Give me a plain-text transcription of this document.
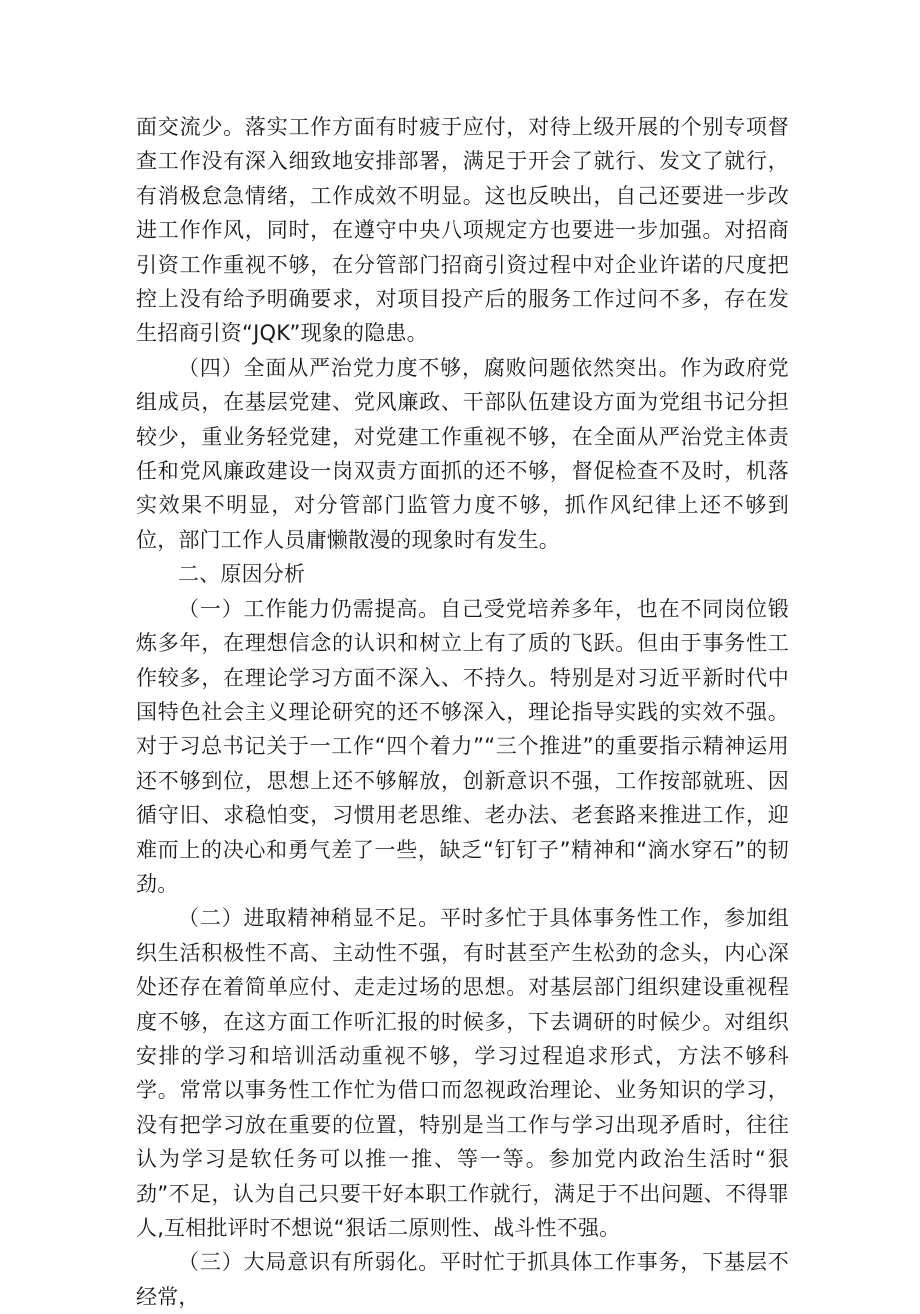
面交流少。落实工作方面有时疲于应付，对待上级开展的个别专项督查工作没有深入细致地安排部署，满足于开会了就行、发文了就行，有消极怠急情绪，工作成效不明显。这也反映出，自己还要进一步改进工作作风，同时，在遵守中央八项规定方也要进一步加强。对招商引资工作重视不够，在分管部门招商引资过程中对企业许诺的尺度把控上没有给予明确要求，对项目投产后的服务工作过问不多，存在发生招商引资“JQK”现象的隐患。

（四）全面从严治党力度不够，腐败问题依然突出。作为政府党组成员，在基层党建、党风廉政、干部队伍建设方面为党组书记分担较少，重业务轻党建，对党建工作重视不够，在全面从严治党主体责任和党风廉政建设一岗双责方面抓的还不够，督促检查不及时，机落实效果不明显，对分管部门监管力度不够，抓作风纪律上还不够到位，部门工作人员庸懒散漫的现象时有发生。

二、原因分析

（一）工作能力仍需提高。自己受党培养多年，也在不同岗位锻炼多年，在理想信念的认识和树立上有了质的飞跃。但由于事务性工作较多，在理论学习方面不深入、不持久。特别是对习近平新时代中国特色社会主义理论研究的还不够深入，理论指导实践的实效不强。对于习总书记关于一工作“四个着力”“三个推进”的重要指示精神运用还不够到位，思想上还不够解放，创新意识不强，工作按部就班、因循守旧、求稳怕变，习惯用老思维、老办法、老套路来推进工作，迎难而上的决心和勇气差了一些，缺乏“钉钉子”精神和“滴水穿石”的韧劲。

（二）进取精神稍显不足。平时多忙于具体事务性工作，参加组织生活积极性不高、主动性不强，有时甚至产生松劲的念头，内心深处还存在着简单应付、走走过场的思想。对基层部门组织建设重视程度不够，在这方面工作听汇报的时候多，下去调研的时候少。对组织安排的学习和培训活动重视不够，学习过程追求形式，方法不够科学。常常以事务性工作忙为借口而忽视政治理论、业务知识的学习，没有把学习放在重要的位置，特别是当工作与学习出现矛盾时，往往认为学习是软任务可以推一推、等一等。参加党内政治生活时“狠劲”不足，认为自己只要干好本职工作就行，满足于不出问题、不得罪人,互相批评时不想说“狠话二原则性、战斗性不强。

（三）大局意识有所弱化。平时忙于抓具体工作事务，下基层不经常，
